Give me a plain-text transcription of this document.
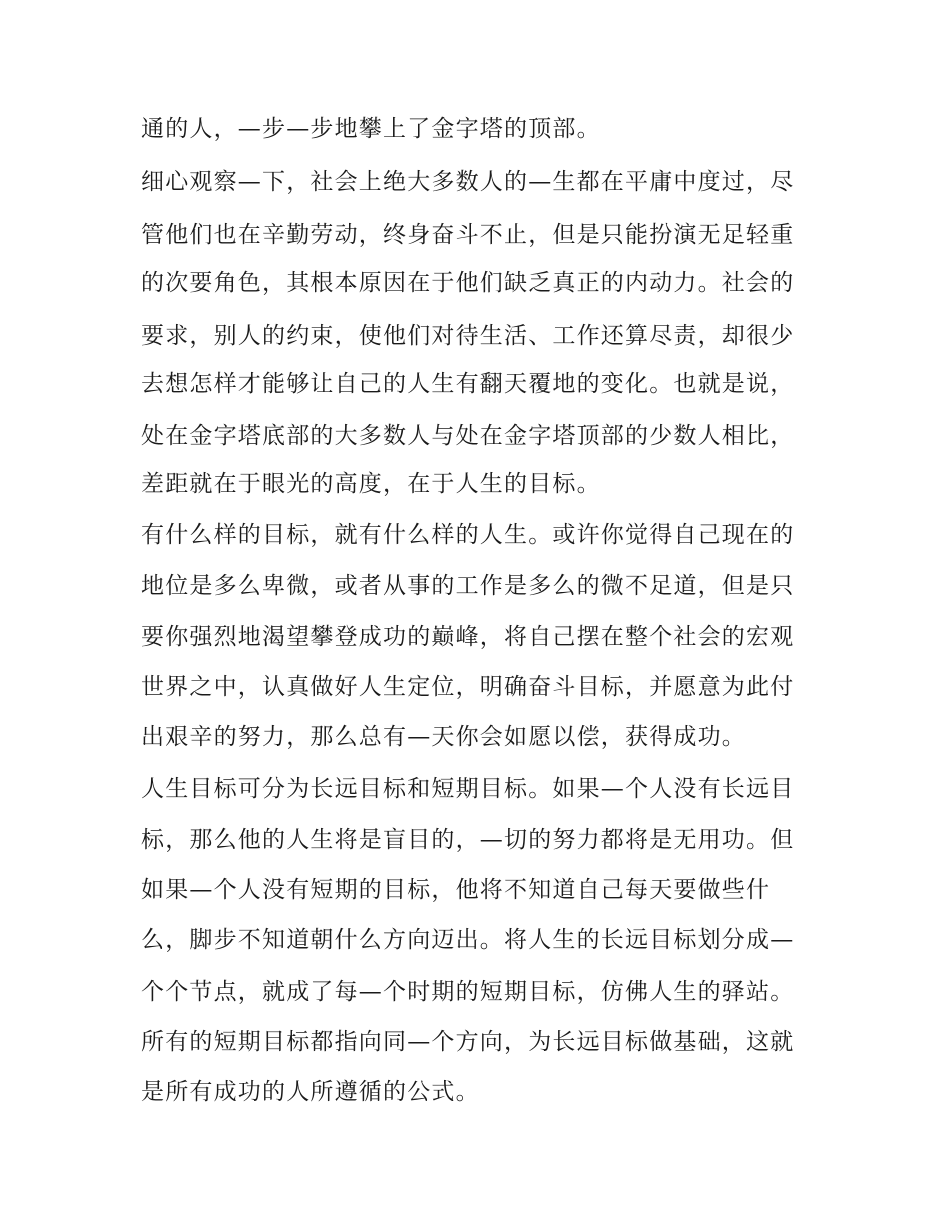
通的人，—步—步地攀上了金字塔的顶部。
细心观察—下，社会上绝大多数人的—生都在平庸中度过，尽
管他们也在辛勤劳动，终身奋斗不止，但是只能扮演无足轻重
的次要角色，其根本原因在于他们缺乏真正的内动力。社会的
要求，别人的约束，使他们对待生活、工作还算尽责，却很少
去想怎样才能够让自己的人生有翻天覆地的变化。也就是说，
处在金字塔底部的大多数人与处在金字塔顶部的少数人相比，
差距就在于眼光的高度，在于人生的目标。
有什么样的目标，就有什么样的人生。或许你觉得自己现在的
地位是多么卑微，或者从事的工作是多么的微不足道，但是只
要你强烈地渴望攀登成功的巅峰，将自己摆在整个社会的宏观
世界之中，认真做好人生定位，明确奋斗目标，并愿意为此付
出艰辛的努力，那么总有—天你会如愿以偿，获得成功。
人生目标可分为长远目标和短期目标。如果—个人没有长远目
标，那么他的人生将是盲目的，—切的努力都将是无用功。但
如果—个人没有短期的目标，他将不知道自己每天要做些什
么，脚步不知道朝什么方向迈出。将人生的长远目标划分成—
个个节点，就成了每—个时期的短期目标，仿佛人生的驿站。
所有的短期目标都指向同—个方向，为长远目标做基础，这就
是所有成功的人所遵循的公式。
